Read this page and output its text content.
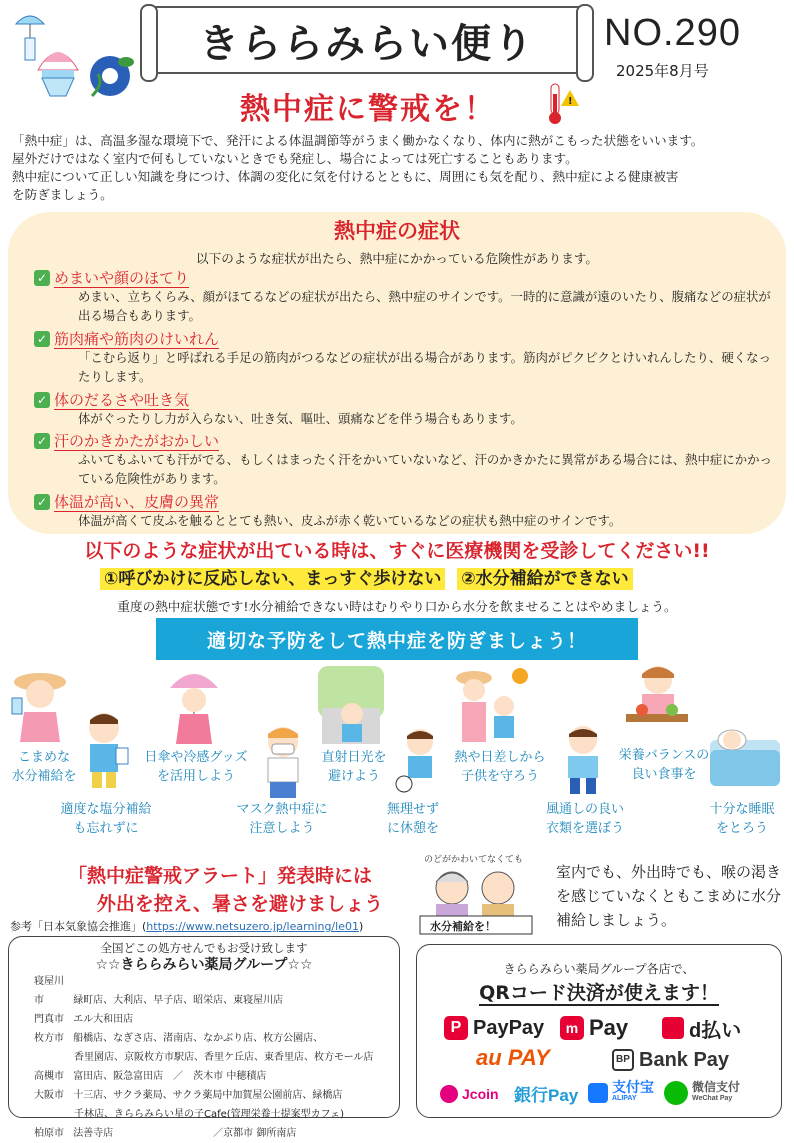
きららみらい便り NO.290
2025年8月号
熱中症に警戒を！	!
「熱中症」は、高温多湿な環境下で、発汗による体温調節等がうまく働かなくなり、体内に熱がこもった状態をいいます。
屋外だけではなく室内で何もしていないときでも発症し、場合によっては死亡することもあります。
熱中症について正しい知識を身につけ、体調の変化に気を付けるとともに、周囲にも気を配り、熱中症による健康被害
を防ぎましょう。
熱中症の症状
以下のような症状が出たら、熱中症にかかっている危険性があります。
✓ めまいや顔のほてり
めまい、立ちくらみ、顔がほてるなどの症状が出たら、熱中症のサインです。一時的に意識が遠のいたり、腹痛などの症状が出る場合もあります。
✓ 筋肉痛や筋肉のけいれん
「こむら返り」と呼ばれる手足の筋肉がつるなどの症状が出る場合があります。筋肉がピクピクとけいれんしたり、硬くなったりします。
✓ 体のだるさや吐き気
体がぐったりし力が入らない、吐き気、嘔吐、頭痛などを伴う場合もあります。
✓ 汗のかきかたがおかしい
ふいてもふいても汗がでる、もしくはまったく汗をかいていないなど、汗のかきかたに異常がある場合には、熱中症にかかっている危険性があります。
✓ 体温が高い、皮膚の異常
体温が高くて皮ふを触るととても熱い、皮ふが赤く乾いているなどの症状も熱中症のサインです。
以下のような症状が出ている時は、すぐに医療機関を受診してください!!
①呼びかけに反応しない、まっすぐ歩けない ②水分補給ができない
重度の熱中症状態です!水分補給できない時はむりやり口から水分を飲ませることはやめましょう。
適切な予防をして熱中症を防ぎましょう！
こまめな
水分補給を
適度な塩分補給
も忘れずに
日傘や冷感グッズ
を活用しよう
マスク熱中症に
注意しよう
直射日光を
避けよう
無理せず
に休憩を
熱や日差しから
子供を守ろう
風通しの良い
衣類を選ぼう
栄養バランスの
良い食事を
十分な睡眠
をとろう
「熱中症警戒アラート」発表時には
外出を控え、暑さを避けましょう
参考「日本気象協会推進」(https://www.netsuzero.jp/learning/le01)
のどがかわいてなくても
水分補給を！
室内でも、外出時でも、喉の渇きを感じていなくともこまめに水分補給しましょう。
全国どこの処方せんでもお受け致します
☆☆きららみらい薬局グループ☆☆
寝屋川市	緑町店、大利店、早子店、昭栄店、東寝屋川店
門真市 エル大和田店
枚方市 船橋店、なぎさ店、渚南店、なかぶり店、枚方公園店、
香里園店、京阪枚方市駅店、香里ケ丘店、東香里店、枚方モール店
高槻市 富田店、阪急富田店　／　茨木市 中穂積店
大阪市 十三店、サクラ薬局、サクラ薬局中加賀屋公園前店、緑橋店
千林店、きららみらい星の子Cafe(管理栄養士提案型カフェ)
柏原市 法善寺店　　　　　　　　　　／京都市 御所南店
きららみらい薬局グループ各店で、
QRコード決済が使えます！
P PayPay	m Pay	d払い
au PAY	BP Bank Pay
Jcoin 銀行Pay 支付宝
ALIPAY
微信支付
WeChat Pay
